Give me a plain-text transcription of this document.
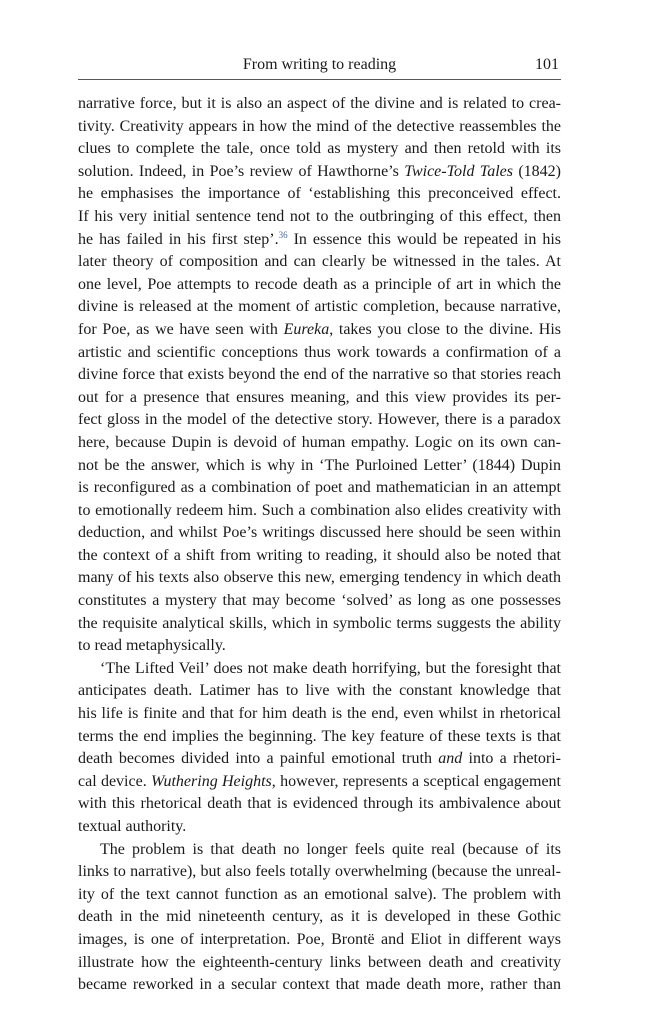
From writing to reading	101
narrative force, but it is also an aspect of the divine and is related to crea-
tivity. Creativity appears in how the mind of the detective reassembles the
clues to complete the tale, once told as mystery and then retold with its
solution. Indeed, in Poe’s review of Hawthorne’s Twice-Told Tales (1842)
he emphasises the importance of ‘establishing this preconceived effect.
If his very initial sentence tend not to the outbringing of this effect, then
he has failed in his first step’.$^{36}$ In essence this would be repeated in his
later theory of composition and can clearly be witnessed in the tales. At
one level, Poe attempts to recode death as a principle of art in which the
divine is released at the moment of artistic completion, because narrative,
for Poe, as we have seen with Eureka, takes you close to the divine. His
artistic and scientific conceptions thus work towards a confirmation of a
divine force that exists beyond the end of the narrative so that stories reach
out for a presence that ensures meaning, and this view provides its per-
fect gloss in the model of the detective story. However, there is a paradox
here, because Dupin is devoid of human empathy. Logic on its own can-
not be the answer, which is why in ‘The Purloined Letter’ (1844) Dupin
is reconfigured as a combination of poet and mathematician in an attempt
to emotionally redeem him. Such a combination also elides creativity with
deduction, and whilst Poe’s writings discussed here should be seen within
the context of a shift from writing to reading, it should also be noted that
many of his texts also observe this new, emerging tendency in which death
constitutes a mystery that may become ‘solved’ as long as one possesses
the requisite analytical skills, which in symbolic terms suggests the ability
to read metaphysically.
‘The Lifted Veil’ does not make death horrifying, but the foresight that
anticipates death. Latimer has to live with the constant knowledge that
his life is finite and that for him death is the end, even whilst in rhetorical
terms the end implies the beginning. The key feature of these texts is that
death becomes divided into a painful emotional truth and into a rhetori-
cal device. Wuthering Heights, however, represents a sceptical engagement
with this rhetorical death that is evidenced through its ambivalence about
textual authority.
The problem is that death no longer feels quite real (because of its
links to narrative), but also feels totally overwhelming (because the unreal-
ity of the text cannot function as an emotional salve). The problem with
death in the mid nineteenth century, as it is developed in these Gothic
images, is one of interpretation. Poe, Brontë and Eliot in different ways
illustrate how the eighteenth-century links between death and creativity
became reworked in a secular context that made death more, rather than
